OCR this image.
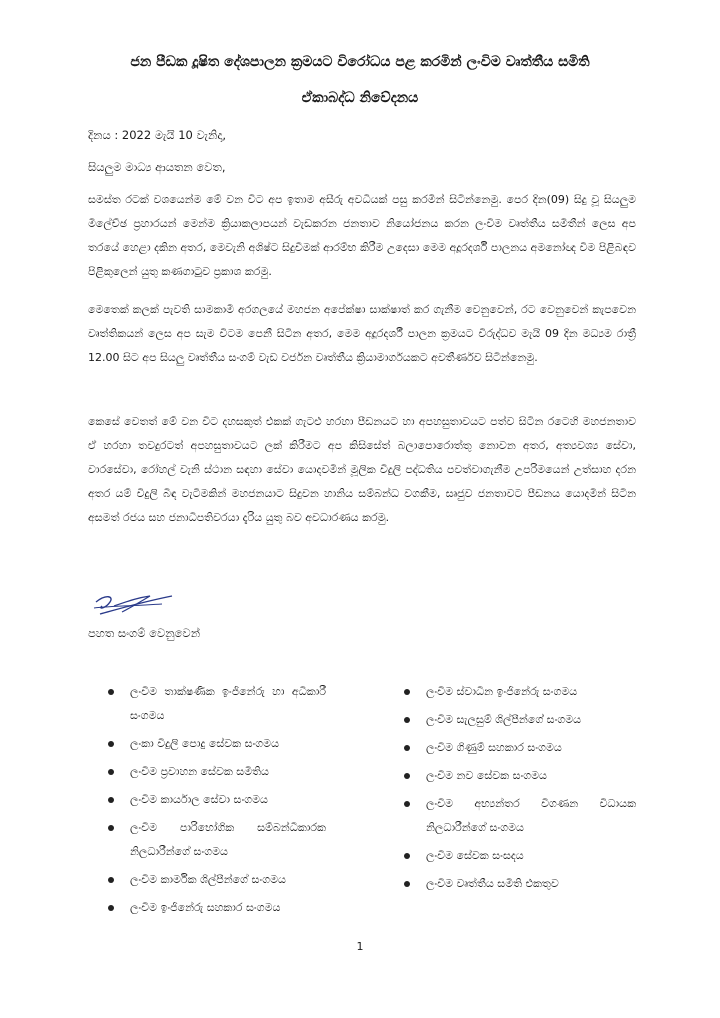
ජන පීඩක දූෂිත දේශපාලන ක්‍රමයට විරෝධය පළ කරමින් ලංවිම වෘත්තීය සමිති
ඒකාබද්ධ නිවේදනය
දිනය : 2022 මැයි 10 වැනිදා,
සියලුම මාධ්‍ය ආයතන වෙත,
සමස්ත රටක් වශයෙන්ම මේ වන විට අප ඉතාම අසීරු අවධියක් පසු කරමින් සිටින්නෙමු. පෙර දින(09) සිදු වූ සියලුම මිලේච්ඡ ප්‍රහාරයන් මෙන්ම ක්‍රියාකලාපයන් වැඩකරන ජනතාව නියෝජනය කරන ලංවිම වෘත්තීය සමිතීන් ලෙස අප තරයේ හෙළා දකින අතර, මෙවැනි අශිෂ්ට සිදුවීමක් ආරම්භ කිරීම උදෙසා මෙම අදූරදර්ශී පාලනය අමනෝඥ වීම පිළිබඳව පිළිකුලෙන් යුතු කණගාටුව ප්‍රකාශ කරමු.
මෙතෙක් කලක් පැවති සාමකාමී අරගලයේ මහජන අපේක්ෂා සාක්ෂාත් කර ගැනීම වෙනුවෙන්, රට වෙනුවෙන් කැපවෙන වෘත්තිකයන් ලෙස අප සැම විටම පෙනී සිටින අතර, මෙම අදූරදර්ශී පාලන ක්‍රමයට විරුද්ධව මැයි 09 දින මධ්‍යම රාත්‍රී 12.00 සිට අප සියලු වෘත්තීය සංගම් වැඩ වර්ජන වෘත්තීය ක්‍රියාමාර්ගයකට අවතීර්ණව සිටින්නෙමු.
කෙසේ වෙතත් මේ වන විට දහසකුත් එකක් ගැටළු හරහා පීඩනයට හා අපහසුතාවයට පත්ව සිටින රටෙහි මහජනතාව ඒ හරහා තවදුරටත් අපහසුතාවයට ලක් කිරීමට අප කිසිසේත් බලාපොරොත්තු නොවන අතර, අත්‍යවශ්‍ය සේවා, වාරසේවා, රෝහල් වැනි ස්ථාන සඳහා සේවා යොදවමින් මූලික විදුලි පද්ධතිය පවත්වාගැනීම උපරිමයෙන් උත්සාහ දරන අතර යම් විදුලි බිඳ වැටීමකින් මහජනයාට සිදුවන හානිය සම්බන්ධ වගකීම, සෘජුව ජනතාවට පීඩනය යොදමින් සිටින අසමත් රජය සහ ජනාධිපතිවරයා දැරිය යුතු බව අවධාරණය කරමු.
පහත සංගම් වෙනුවෙන්
ලංවිම තාක්ෂණික ඉංජිනේරු හා අධිකාරී සංගමය
ලංකා විදුලි පොදු සේවක සංගමය
ලංවිම ප්‍රවාහන සේවක සමිතිය
ලංවිම කාර්යාල සේවා සංගමය
ලංවිම පාරිභෝගික සම්බන්ධීකාරක නිලධාරීන්ගේ සංගමය
ලංවිම කාර්මික ශිල්පීන්ගේ සංගමය
ලංවිම ඉංජිනේරු සහකාර සංගමය
ලංවිම ස්වාධීන ඉංජිනේරු සංගමය
ලංවිම සැලසුම් ශිල්පීන්ගේ සංගමය
ලංවිම ගිණුම් සහකාර සංගමය
ලංවිම නව සේවක සංගමය
ලංවිම අභ්‍යන්තර විගණන විධායක නිලධාරීන්ගේ සංගමය
ලංවිම සේවක සංසදය
ලංවිම වෘත්තීය සමිති එකතුව
1
